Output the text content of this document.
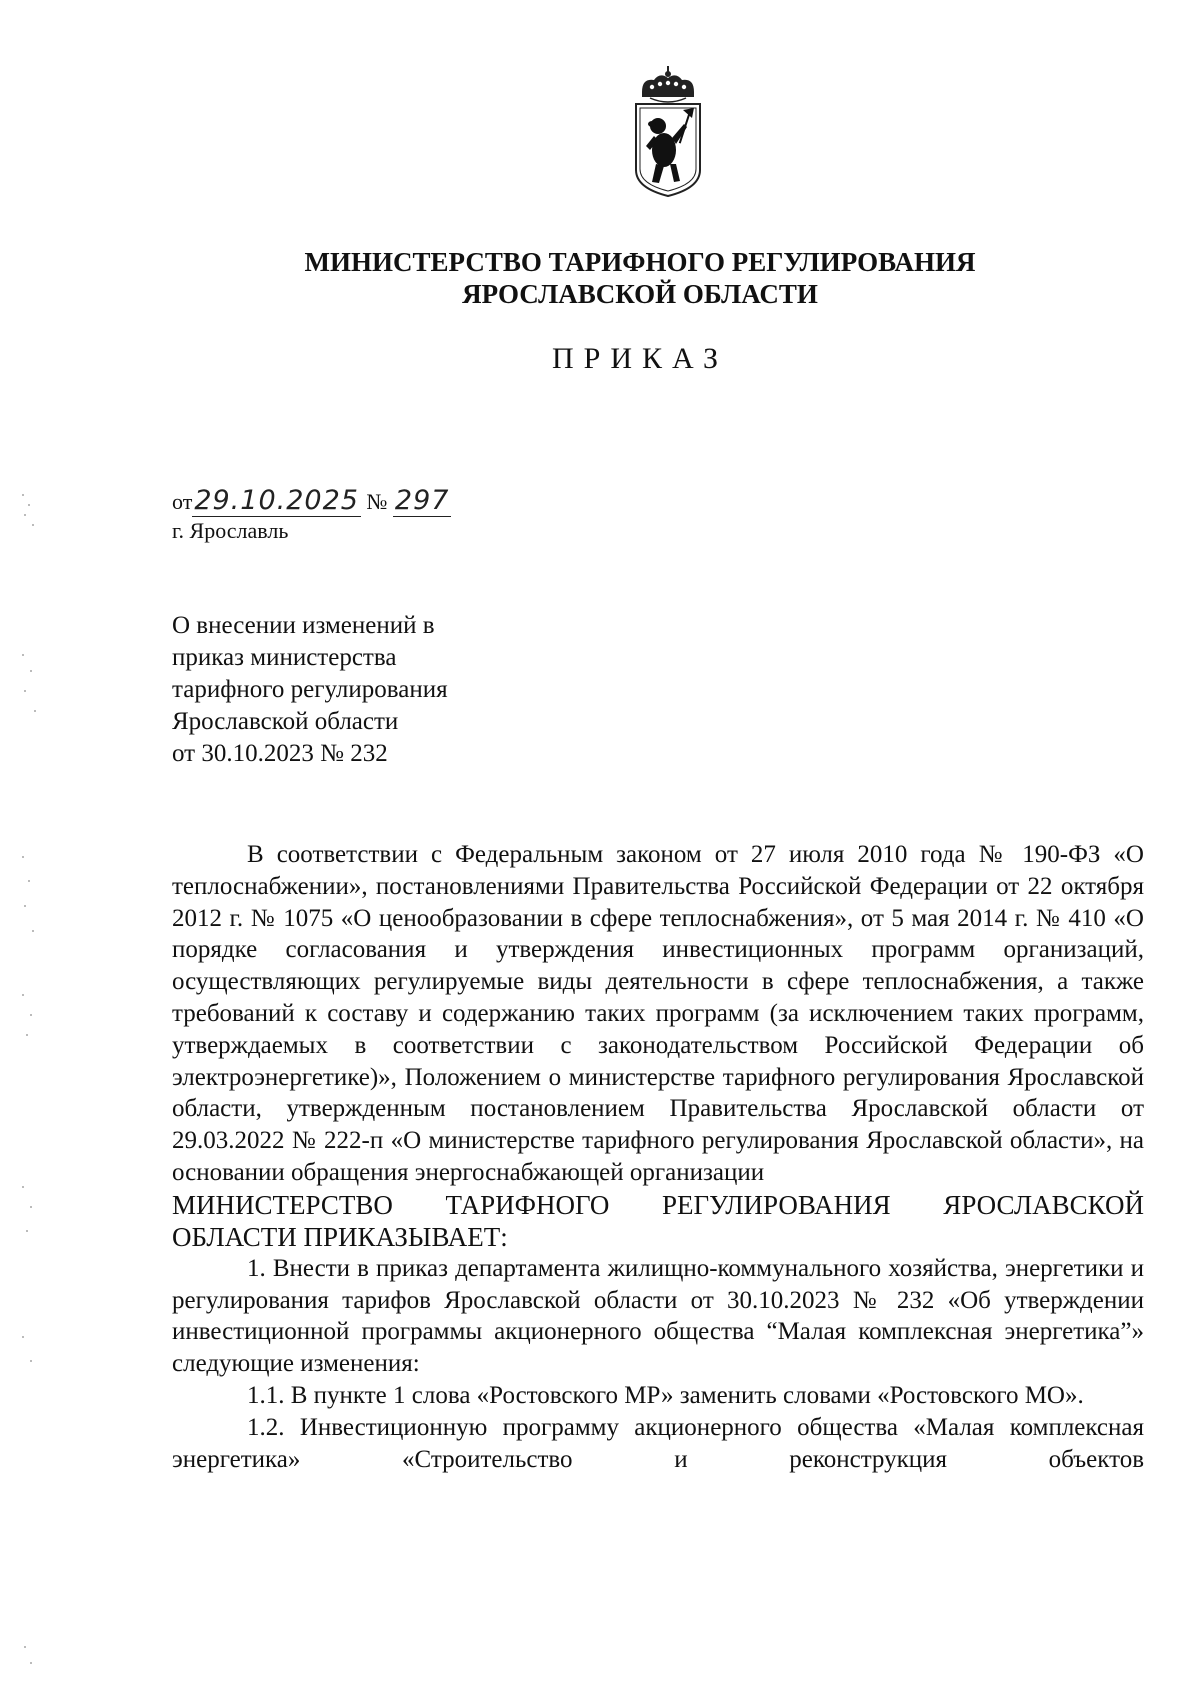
МИНИСТЕРСТВО ТАРИФНОГО РЕГУЛИРОВАНИЯ
ЯРОСЛАВСКОЙ ОБЛАСТИ
ПРИКАЗ
от29.10.2025 № 297
г. Ярославль
О внесении изменений в
приказ министерства
тарифного регулирования
Ярославской области
от 30.10.2023 № 232

В соответствии с Федеральным законом от 27 июля 2010 года № 190-ФЗ «О теплоснабжении», постановлениями Правительства Российской Федерации от 22 октября 2012 г. № 1075 «О ценообразовании в сфере теплоснабжения», от 5 мая 2014 г. № 410 «О порядке согласования и утверждения инвестиционных программ организаций, осуществляющих регулируемые виды деятельности в сфере теплоснабжения, а также требований к составу и содержанию таких программ (за исключением таких программ, утверждаемых в соответствии с законодательством Российской Федерации об электроэнергетике)», Положением о министерстве тарифного регулирования Ярославской области, утвержденным постановлением Правительства Ярославской области от 29.03.2022 № 222-п «О министерстве тарифного регулирования Ярославской области», на основании обращения энергоснабжающей организации

МИНИСТЕРСТВО ТАРИФНОГО РЕГУЛИРОВАНИЯ ЯРОСЛАВСКОЙ

ОБЛАСТИ ПРИКАЗЫВАЕТ:

1. Внести в приказ департамента жилищно-коммунального хозяйства, энергетики и регулирования тарифов Ярославской области от 30.10.2023 № 232 «Об утверждении инвестиционной программы акционерного общества “Малая комплексная энергетика”» следующие изменения:

1.1. В пункте 1 слова «Ростовского МР» заменить словами «Ростовского МО».

1.2. Инвестиционную программу акционерного общества «Малая комплексная энергетика» «Строительство и реконструкция объектов
